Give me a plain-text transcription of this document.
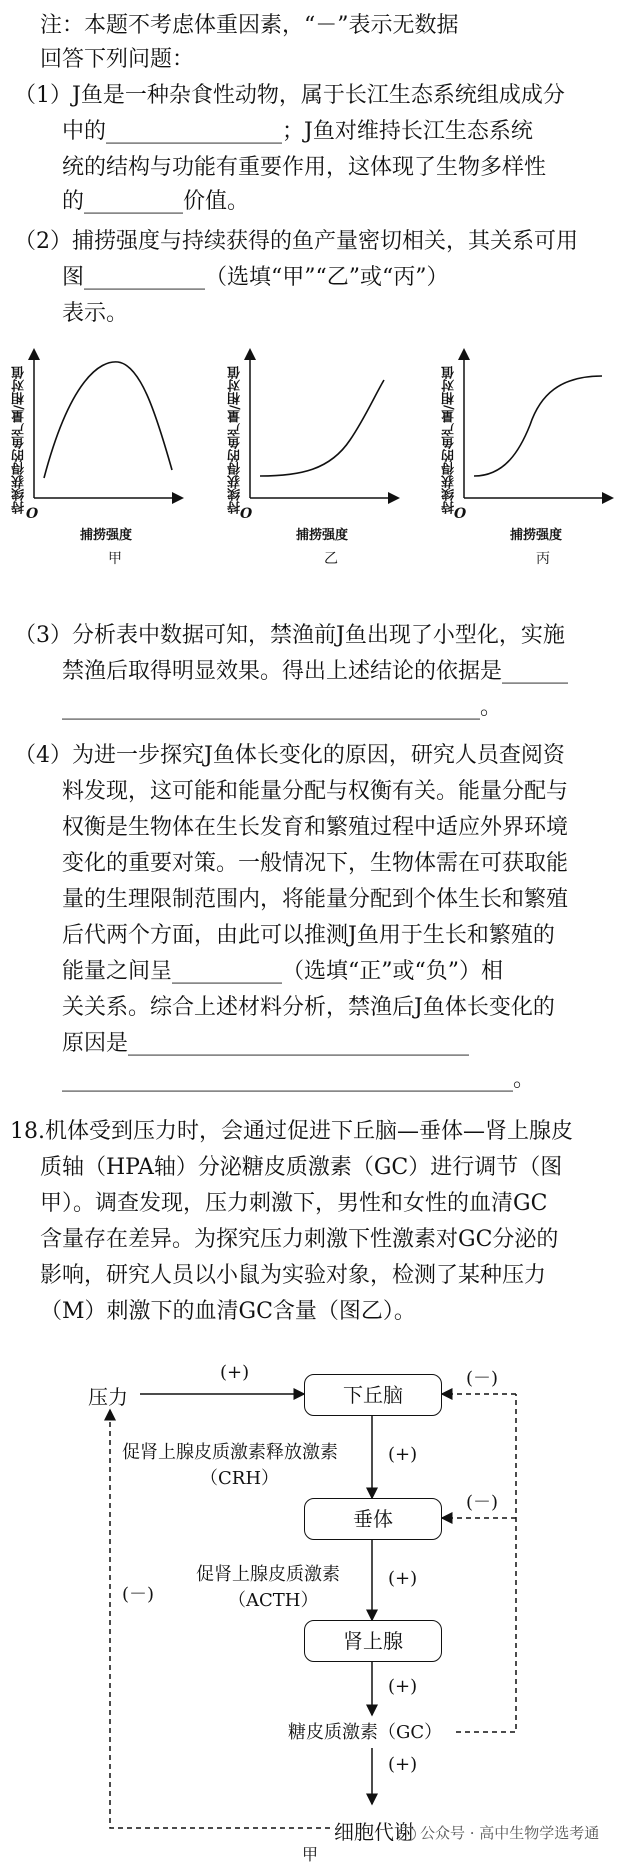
注：本题不考虑体重因素，“－”表示无数据
回答下列问题：
（1）J鱼是一种杂食性动物，属于长江生态系统组成成分
中的________________；J鱼对维持长江生态系统
统的结构与功能有重要作用，这体现了生物多样性
的_________价值。
（2）捕捞强度与持续获得的鱼产量密切相关，其关系可用
图___________（选填“甲”“乙”或“丙”）
表示。
持续获得的鱼产量/相对值
O
捕捞强度
甲
持续获得的鱼产量/相对值
O
捕捞强度
乙
持续获得的鱼产量/相对值
O
捕捞强度
丙
（3）分析表中数据可知，禁渔前J鱼出现了小型化，实施
禁渔后取得明显效果。得出上述结论的依据是______
______________________________________。
（4）为进一步探究J鱼体长变化的原因，研究人员查阅资
料发现，这可能和能量分配与权衡有关。能量分配与
权衡是生物体在生长发育和繁殖过程中适应外界环境
变化的重要对策。一般情况下，生物体需在可获取能
量的生理限制范围内，将能量分配到个体生长和繁殖
后代两个方面，由此可以推测J鱼用于生长和繁殖的
能量之间呈__________（选填“正”或“负”）相
关关系。综合上述材料分析，禁渔后J鱼体长变化的
原因是_______________________________
_________________________________________。
18.机体受到压力时，会通过促进下丘脑—垂体—肾上腺皮
质轴（HPA轴）分泌糖皮质激素（GC）进行调节（图
甲）。调查发现，压力刺激下，男性和女性的血清GC
含量存在差异。为探究压力刺激下性激素对GC分泌的
影响，研究人员以小鼠为实验对象，检测了某种压力
（M）刺激下的血清GC含量（图乙）。
压力
(+)
下丘脑
(－)
促肾上腺皮质激素释放激素
（CRH）
(+)
垂体
(－)
促肾上腺皮质激素
（ACTH）
(+)
(－)
肾上腺
(+)
糖皮质激素（GC）
(+)
细胞代谢
甲
公众号 · 高中生物学选考通
